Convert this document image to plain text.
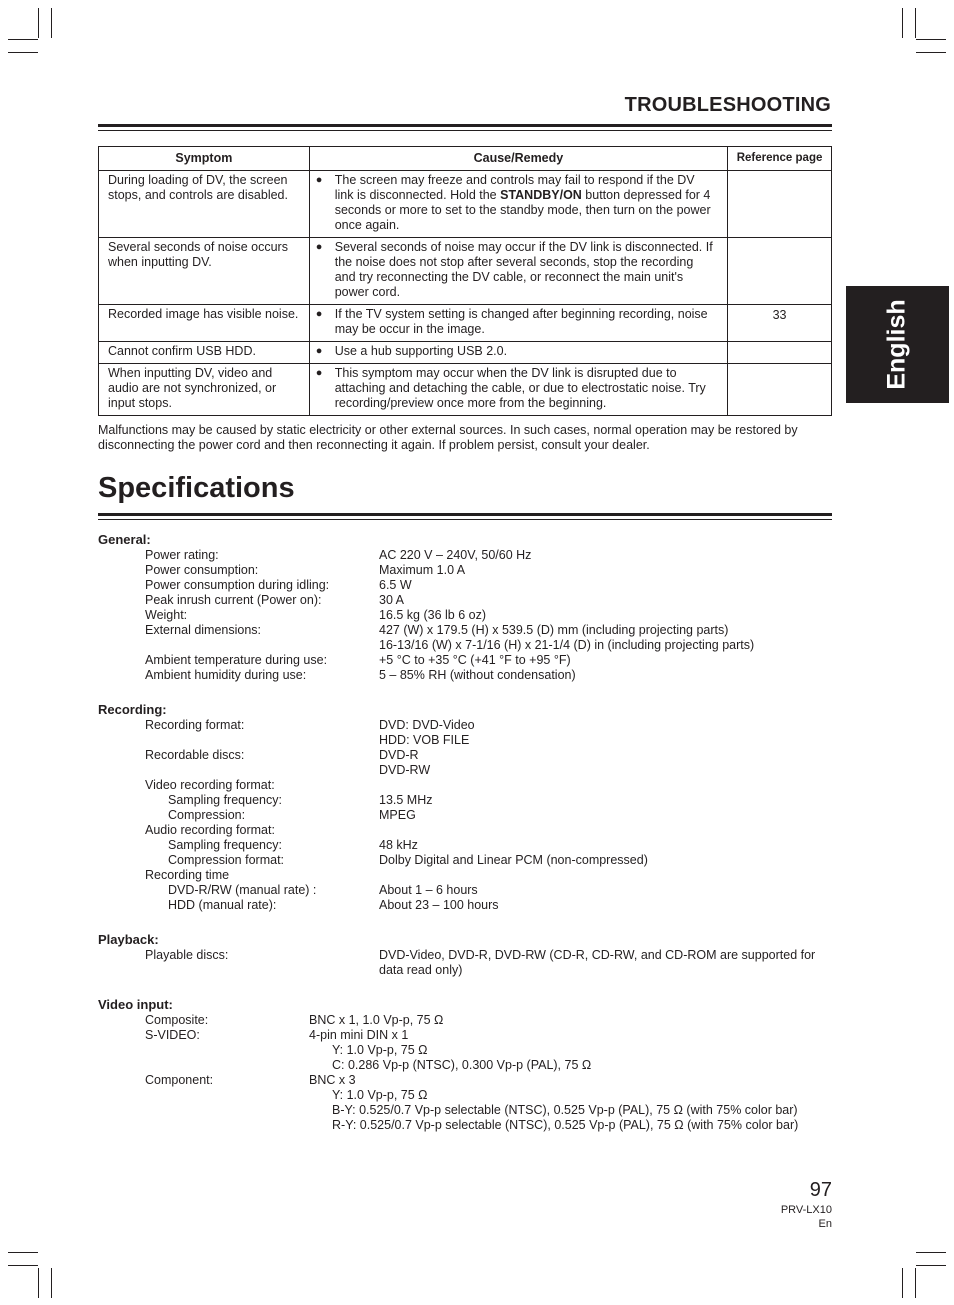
TROUBLESHOOTING
English
Symptom	Cause/Remedy	Reference page
During loading of DV, the screen stops, and controls are disabled.	● The screen may freeze and controls may fail to respond if the DV link is disconnected. Hold the STANDBY/ON button depressed for 4 seconds or more to set to the standby mode, then turn on the power once again.	

Several seconds of noise occurs when inputting DV.	● Several seconds of noise may occur if the DV link is disconnected. If the noise does not stop after several seconds, stop the recording and try reconnecting the DV cable, or reconnect the main unit's power cord.	

Recorded image has visible noise.	● If the TV system setting is changed after beginning recording, noise may be occur in the image.	33
Cannot confirm USB HDD.	● Use a hub supporting USB 2.0.	

When inputting DV, video and audio are not synchronized, or input stops.	● This symptom may occur when the DV link is disrupted due to attaching and detaching the cable, or due to electrostatic noise. Try recording/preview once more from the beginning.	

Malfunctions may be caused by static electricity or other external sources. In such cases, normal operation may be restored by disconnecting the power cord and then reconnecting it again. If problem persist, consult your dealer.
Specifications
General:
Power rating:	AC 220 V – 240V, 50/60 Hz
Power consumption:	Maximum 1.0 A
Power consumption during idling:	6.5 W
Peak inrush current (Power on):	30 A
Weight:	16.5 kg (36 lb 6 oz)
External dimensions:	427 (W) x 179.5 (H) x 539.5 (D) mm (including projecting parts)
16-13/16 (W) x 7-1/16 (H) x 21-1/4 (D) in (including projecting parts)
Ambient temperature during use:	+5 °C to +35 °C (+41 °F to +95 °F)
Ambient humidity during use:	5 – 85% RH (without condensation)
Recording:
Recording format:	DVD: DVD-Video
HDD: VOB FILE
Recordable discs:	DVD-R
DVD-RW
Video recording format:
Sampling frequency:	13.5 MHz
Compression:	MPEG
Audio recording format:
Sampling frequency:	48 kHz
Compression format:	Dolby Digital and Linear PCM (non-compressed)
Recording time
DVD-R/RW (manual rate) :	About 1 – 6 hours
HDD (manual rate):	About 23 – 100 hours
Playback:
Playable discs:	DVD-Video, DVD-R, DVD-RW (CD-R, CD-RW, and CD-ROM are supported for data read only)
Video input:
Composite:	BNC x 1, 1.0 Vp-p, 75 Ω
S-VIDEO:	4-pin mini DIN x 1
Y: 1.0 Vp-p, 75 Ω
C: 0.286 Vp-p (NTSC), 0.300 Vp-p (PAL), 75 Ω
Component:	BNC x 3
Y: 1.0 Vp-p, 75 Ω
B-Y: 0.525/0.7 Vp-p selectable (NTSC), 0.525 Vp-p (PAL), 75 Ω (with 75% color bar)
R-Y: 0.525/0.7 Vp-p selectable (NTSC), 0.525 Vp-p (PAL), 75 Ω (with 75% color bar)
97
PRV-LX10
En
